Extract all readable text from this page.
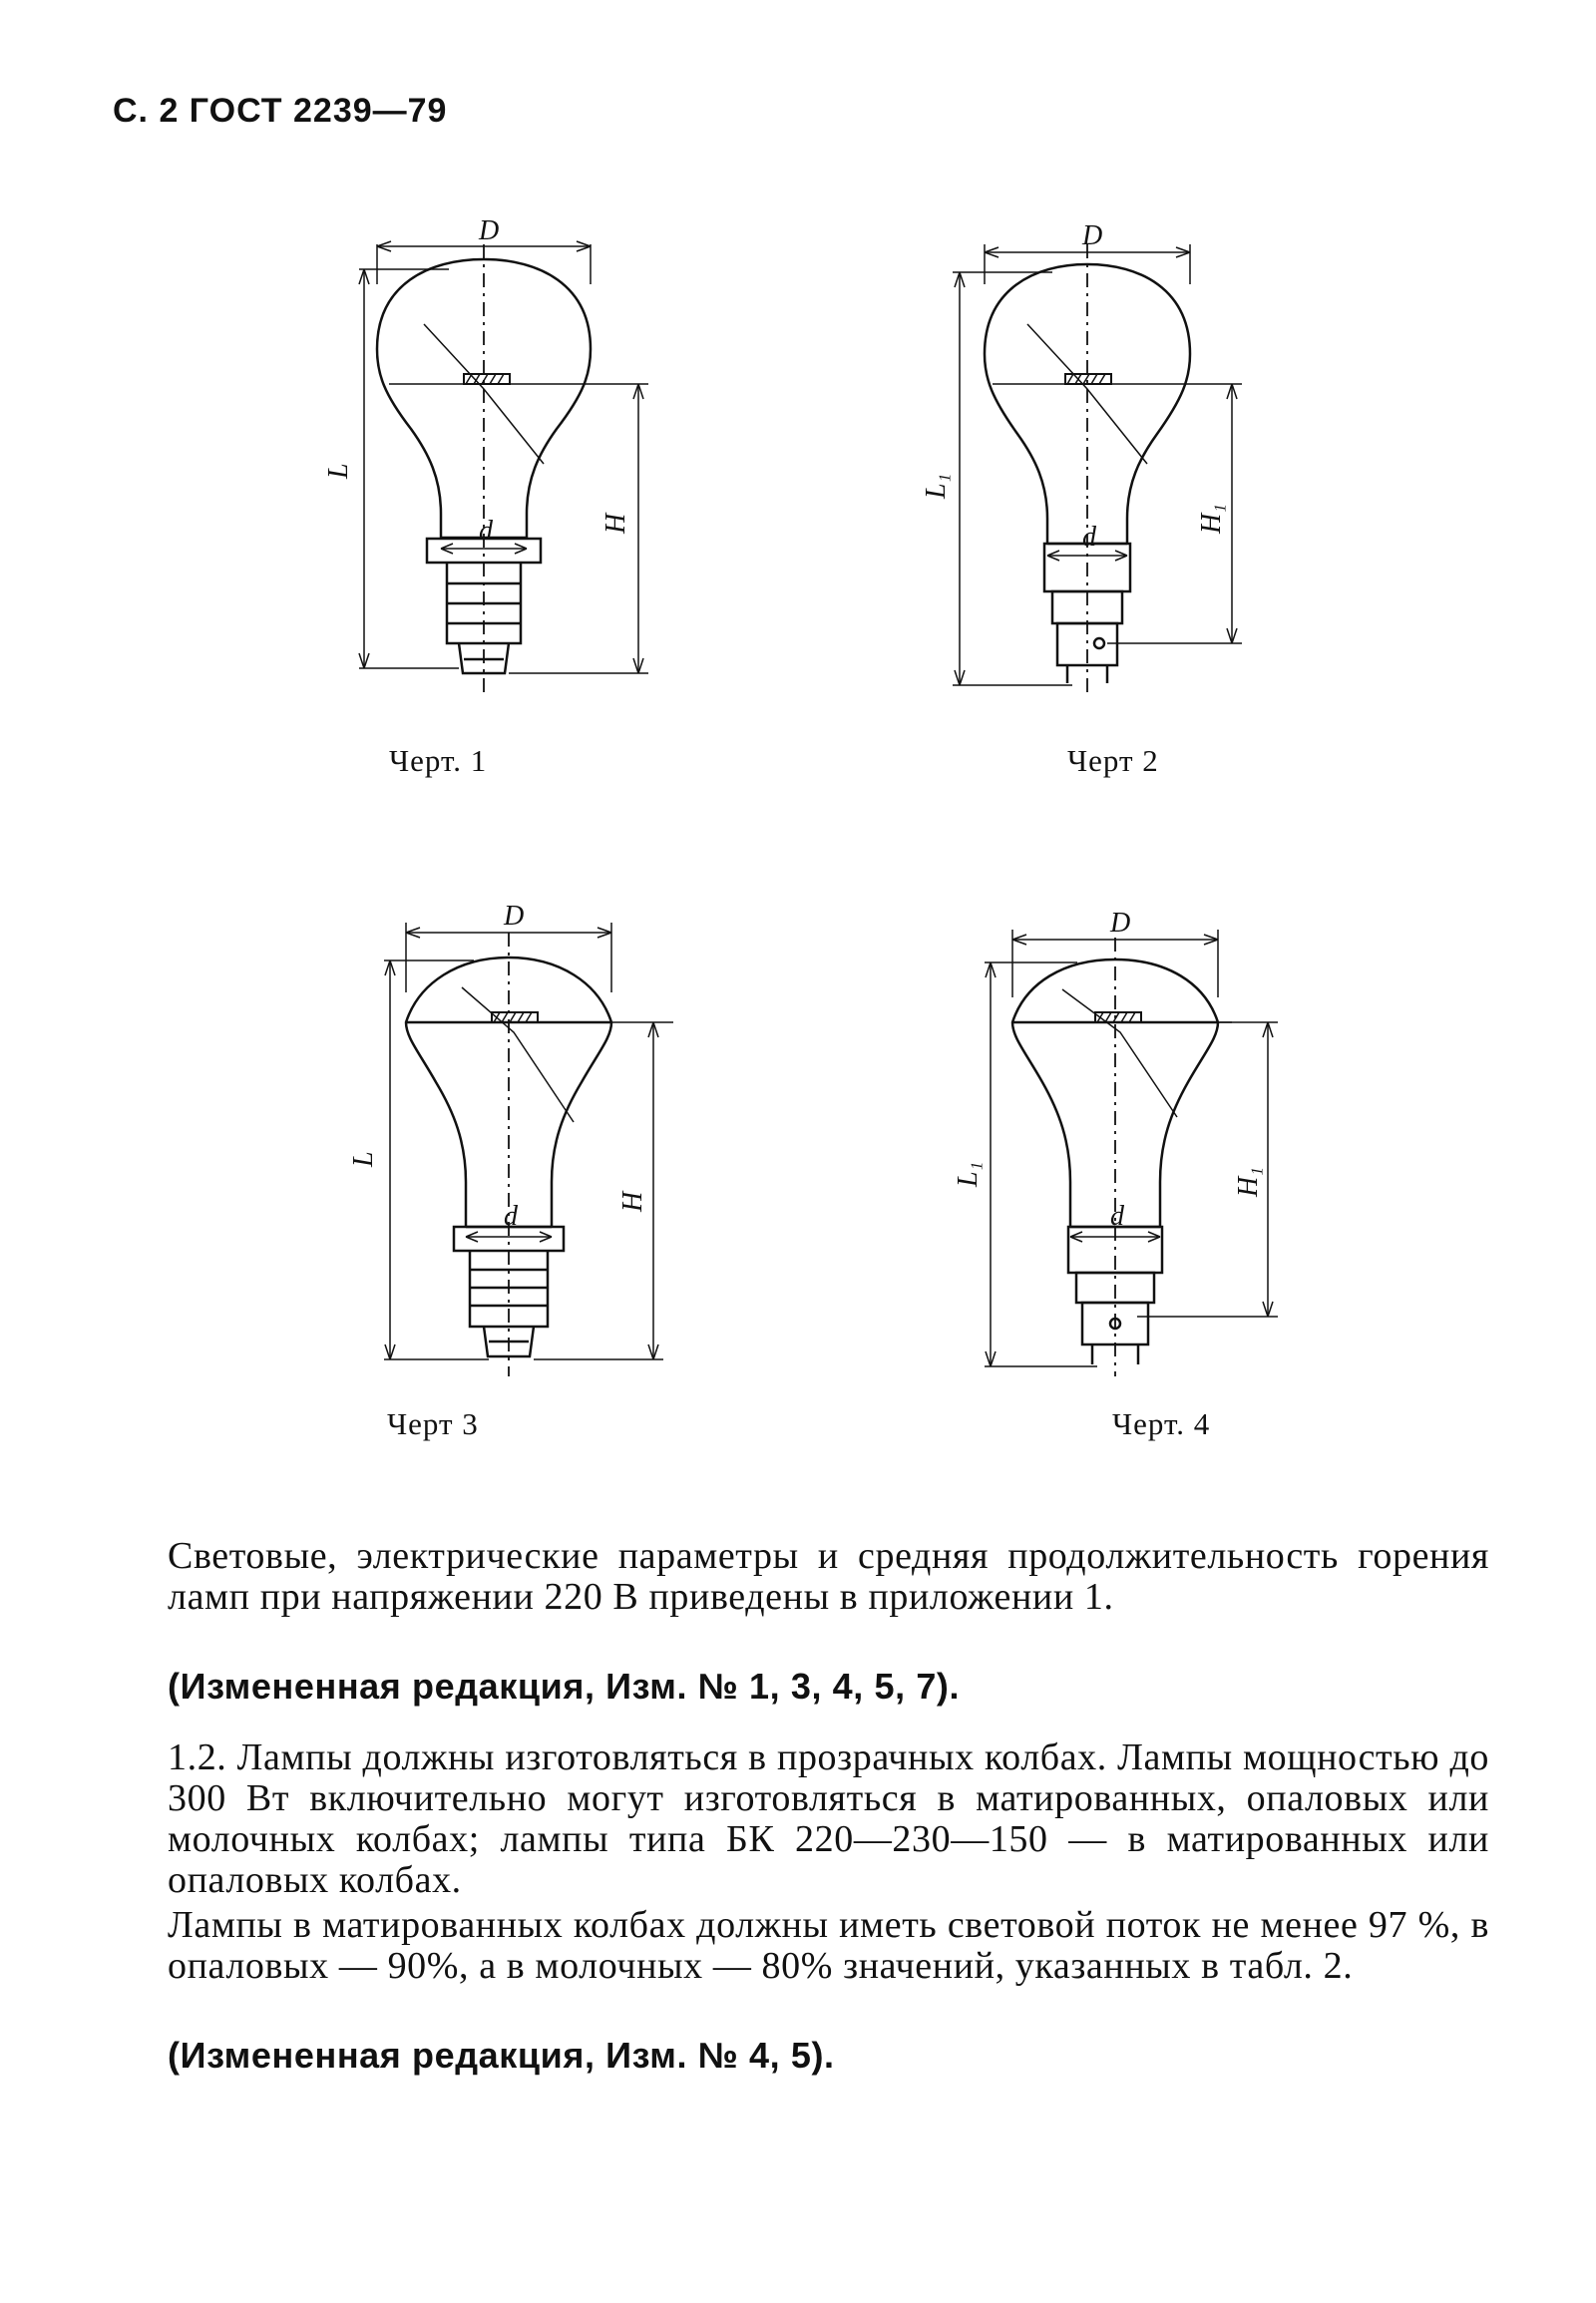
С. 2 ГОСТ 2239—79
D
L
H
d
Черт. 1
D
L₁
H₁
d
Черт 2
D
L
H
d
Черт 3
D
L₁	H₁
d
Черт. 4

Световые, электрические параметры и средняя продолжительность горения ламп при напряжении 220 В приведены в приложении 1.

(Измененная редакция, Изм. № 1, 3, 4, 5, 7).

1.2. Лампы должны изготовляться в прозрачных колбах. Лампы мощностью до 300 Вт включительно могут изготовляться в матированных, опаловых или молочных колбах; лампы типа БК 220—230—150 — в матированных или опаловых колбах.

Лампы в матированных колбах должны иметь световой поток не менее 97 %, в опаловых — 90%, а в молочных — 80% значений, указанных в табл. 2.

(Измененная редакция, Изм. № 4, 5).
